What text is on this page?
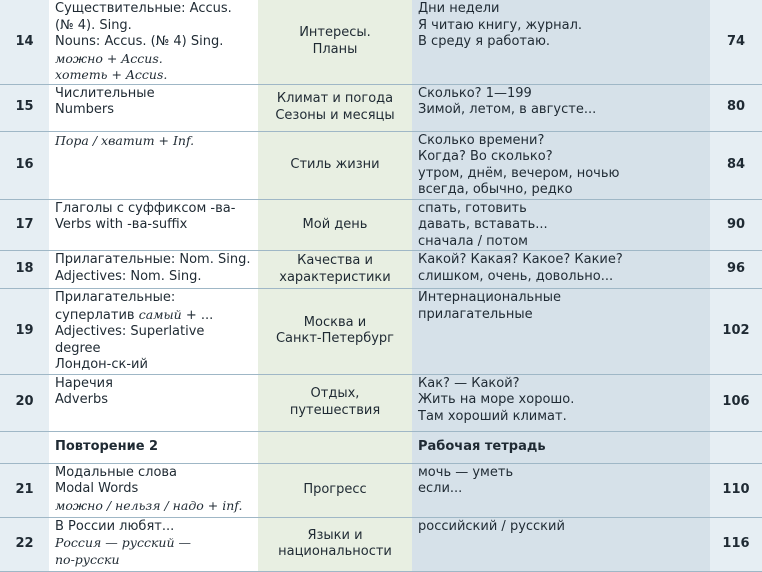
14	Существительные: Accus.
(№ 4). Sing.
Nouns: Accus. (№ 4) Sing.
можно + Accus.
хотеть + Accus.	Интересы.
Планы	Дни недели
Я читаю книгу, журнал.
В среду я работаю.	74
15	Числительные
Numbers	Климат и погода
Сезоны и месяцы	Сколько? 1—199
Зимой, летом, в августе...	80
16	Пора / хватит + Inf.	Стиль жизни	Сколько времени?
Когда? Во сколько?
утром, днём, вечером, ночью
всегда, обычно, редко	84
17	Глаголы с суффиксом -ва-
Verbs with -ва-suffix	Мой день	спать, готовить
давать, вставать...
сначала / потом	90
18	Прилагательные: Nom. Sing.
Adjectives: Nom. Sing.	Качества и
характеристики	Какой? Какая? Какое? Какие?
слишком, очень, довольно...	96
19	Прилагательные:
суперлатив самый + ...
Adjectives: Superlative
degree
Лондон-ск-ий	Москва и
Санкт-Петербург	Интернациональные
прилагательные	102
20	Наречия
Adverbs	Отдых,
путешествия	Как? — Какой?
Жить на море хорошо.
Там хороший климат.	106
	Повторение 2		Рабочая тетрадь	
21	Модальные слова
Modal Words
можно / нельзя / надо + inf.	Прогресс	мочь — уметь
если...	110
22	В России любят...
Россия — русский —
по-русски	Языки и
национальности	российский / русский	116
